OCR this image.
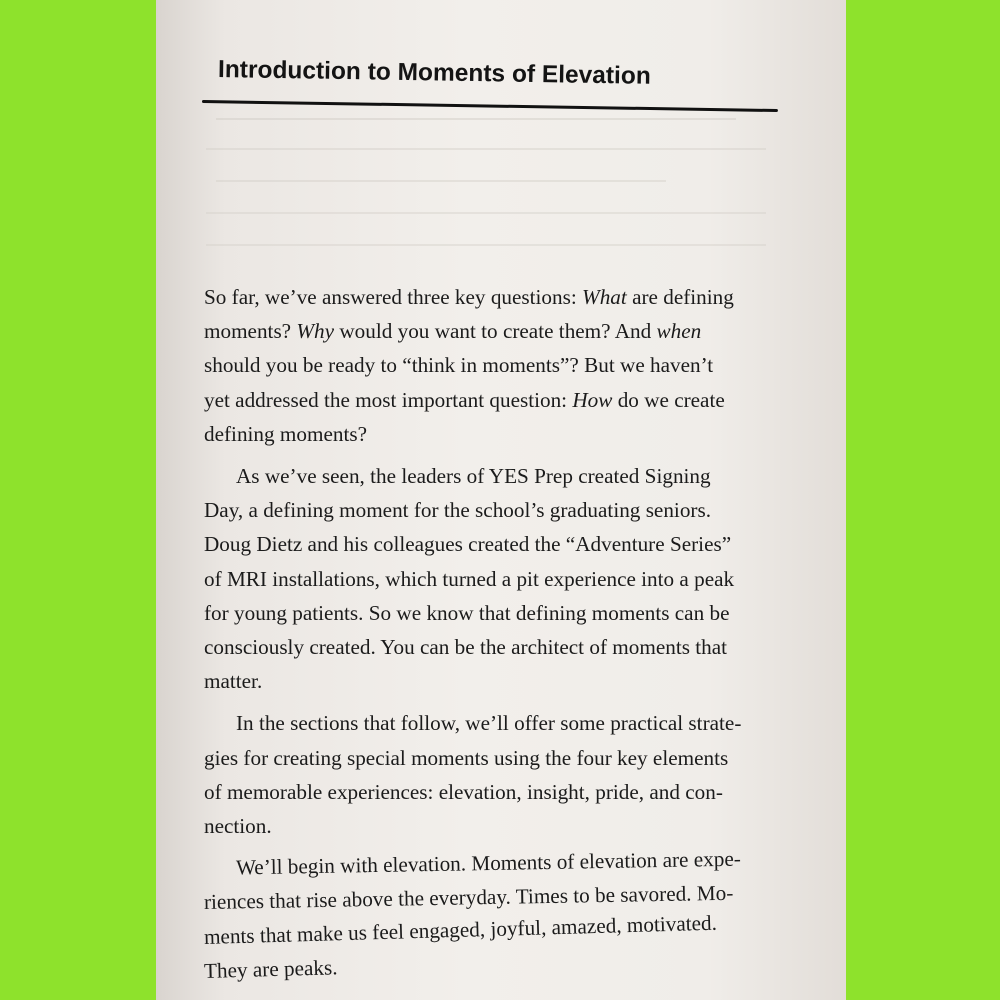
Introduction to Moments of Elevation

So far, we’ve answered three key questions: What are defining
moments? Why would you want to create them? And when
should you be ready to “think in moments”? But we haven’t
yet addressed the most important question: How do we create
defining moments?

As we’ve seen, the leaders of YES Prep created Signing
Day, a defining moment for the school’s graduating seniors.
Doug Dietz and his colleagues created the “Adventure Series”
of MRI installations, which turned a pit experience into a peak
for young patients. So we know that defining moments can be
consciously created. You can be the architect of moments that
matter.

In the sections that follow, we’ll offer some practical strate-
gies for creating special moments using the four key elements
of memorable experiences: elevation, insight, pride, and con-
nection.

We’ll begin with elevation. Moments of elevation are expe-
riences that rise above the everyday. Times to be savored. Mo-
ments that make us feel engaged, joyful, amazed, motivated.
They are peaks.
